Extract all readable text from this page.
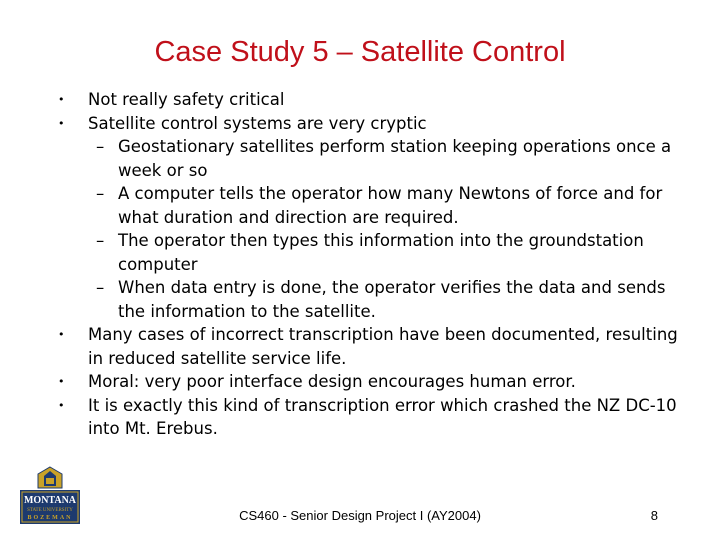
Case Study 5 – Satellite Control
• Not really safety critical
• Satellite control systems are very cryptic
– Geostationary satellites perform station keeping operations once a week or so
– A computer tells the operator how many Newtons of force and for what duration and direction are required.
– The operator then types this information into the groundstation computer
– When data entry is done, the operator verifies the data and sends the information to the satellite.
• Many cases of incorrect transcription have been documented, resulting in reduced satellite service life.
• Moral: very poor interface design encourages human error.
• It is exactly this kind of transcription error which crashed the NZ DC-10 into Mt. Erebus.
MONTANA
STATE UNIVERSITY
BOZEMAN	CS460 - Senior Design Project I (AY2004)	8
